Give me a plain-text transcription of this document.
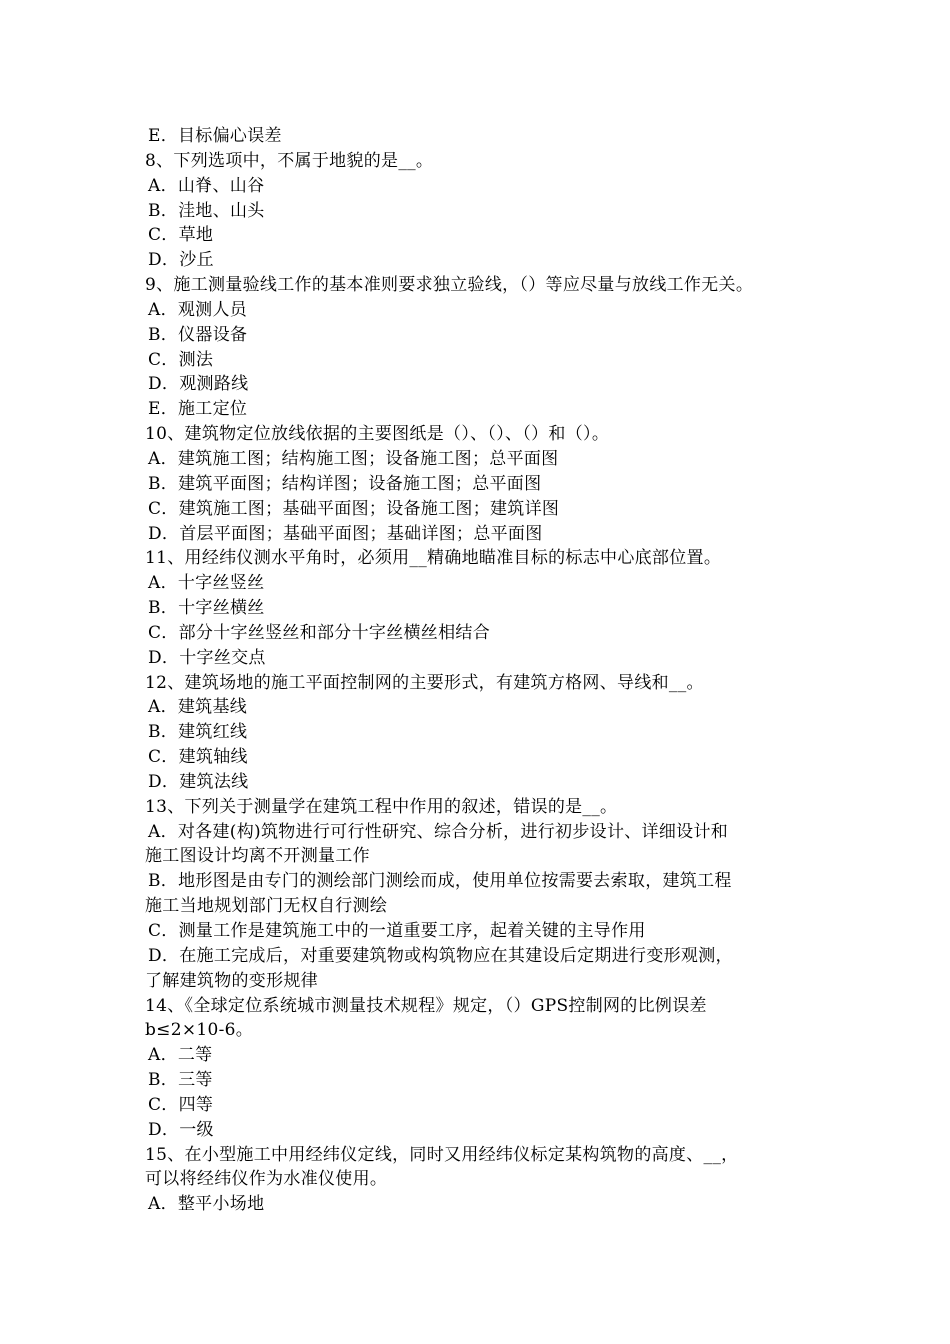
E．目标偏心误差
8、下列选项中，不属于地貌的是__。
A．山脊、山谷
B．洼地、山头
C．草地
D．沙丘
9、施工测量验线工作的基本准则要求独立验线，（）等应尽量与放线工作无关。
A．观测人员
B．仪器设备
C．测法
D．观测路线
E．施工定位
10、建筑物定位放线依据的主要图纸是（）、（）、（）和（）。
A．建筑施工图；结构施工图；设备施工图；总平面图
B．建筑平面图；结构详图；设备施工图；总平面图
C．建筑施工图；基础平面图；设备施工图；建筑详图
D．首层平面图；基础平面图；基础详图；总平面图
11、用经纬仪测水平角时，必须用__精确地瞄准目标的标志中心底部位置。
A．十字丝竖丝
B．十字丝横丝
C．部分十字丝竖丝和部分十字丝横丝相结合
D．十字丝交点
12、建筑场地的施工平面控制网的主要形式，有建筑方格网、导线和__。
A．建筑基线
B．建筑红线
C．建筑轴线
D．建筑法线
13、下列关于测量学在建筑工程中作用的叙述，错误的是__。
A．对各建(构)筑物进行可行性研究、综合分析，进行初步设计、详细设计和
施工图设计均离不开测量工作
B．地形图是由专门的测绘部门测绘而成，使用单位按需要去索取，建筑工程
施工当地规划部门无权自行测绘
C．测量工作是建筑施工中的一道重要工序，起着关键的主导作用
D．在施工完成后，对重要建筑物或构筑物应在其建设后定期进行变形观测，
了解建筑物的变形规律
14、《全球定位系统城市测量技术规程》规定，（）GPS控制网的比例误差
b≤2×10-6。
A．二等
B．三等
C．四等
D．一级
15、在小型施工中用经纬仪定线，同时又用经纬仪标定某构筑物的高度、__，
可以将经纬仪作为水准仪使用。
A．整平小场地
